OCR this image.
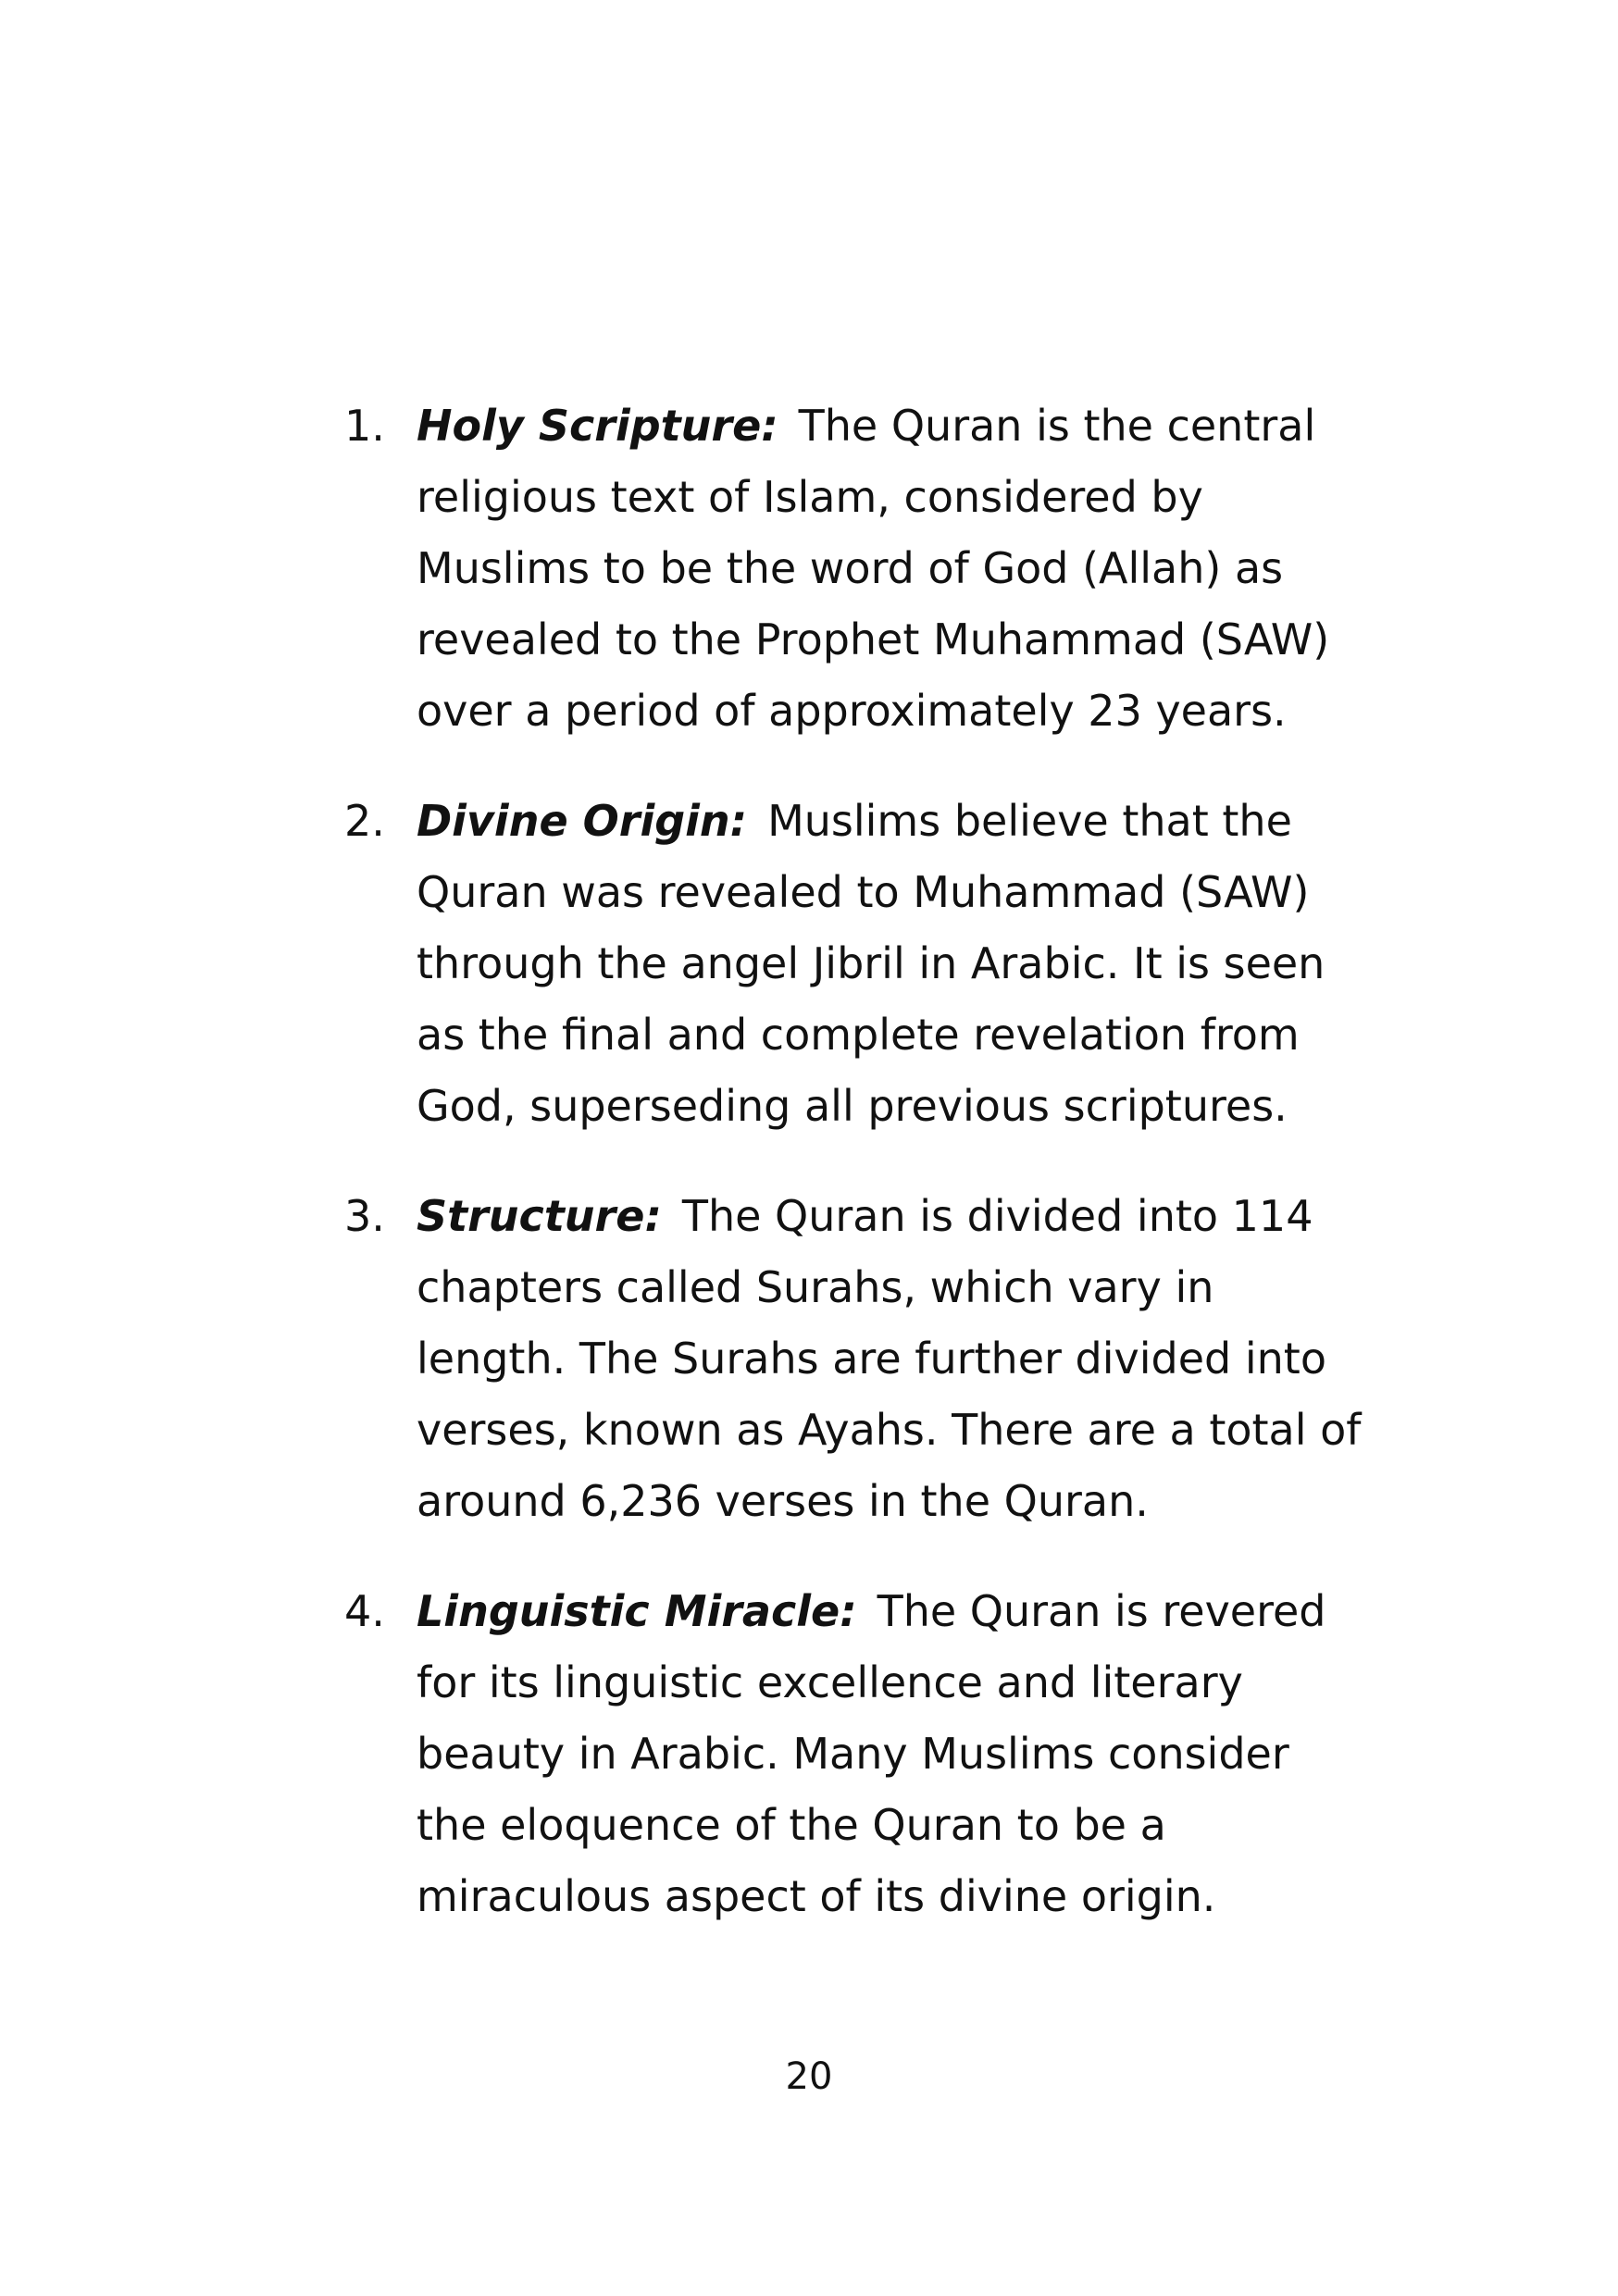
1. Holy Scripture: The Quran is the central religious text of Islam, considered by Muslims to be the word of God (Allah) as revealed to the Prophet Muhammad (SAW) over a period of approximately 23 years.
2. Divine Origin: Muslims believe that the Quran was revealed to Muhammad (SAW) through the angel Jibril in Arabic. It is seen as the final and complete revelation from God, superseding all previous scriptures.
3. Structure: The Quran is divided into 114 chapters called Surahs, which vary in length. The Surahs are further divided into verses, known as Ayahs. There are a total of around 6,236 verses in the Quran.
4. Linguistic Miracle: The Quran is revered for its linguistic excellence and literary beauty in Arabic. Many Muslims consider the eloquence of the Quran to be a miraculous aspect of its divine origin.
20
